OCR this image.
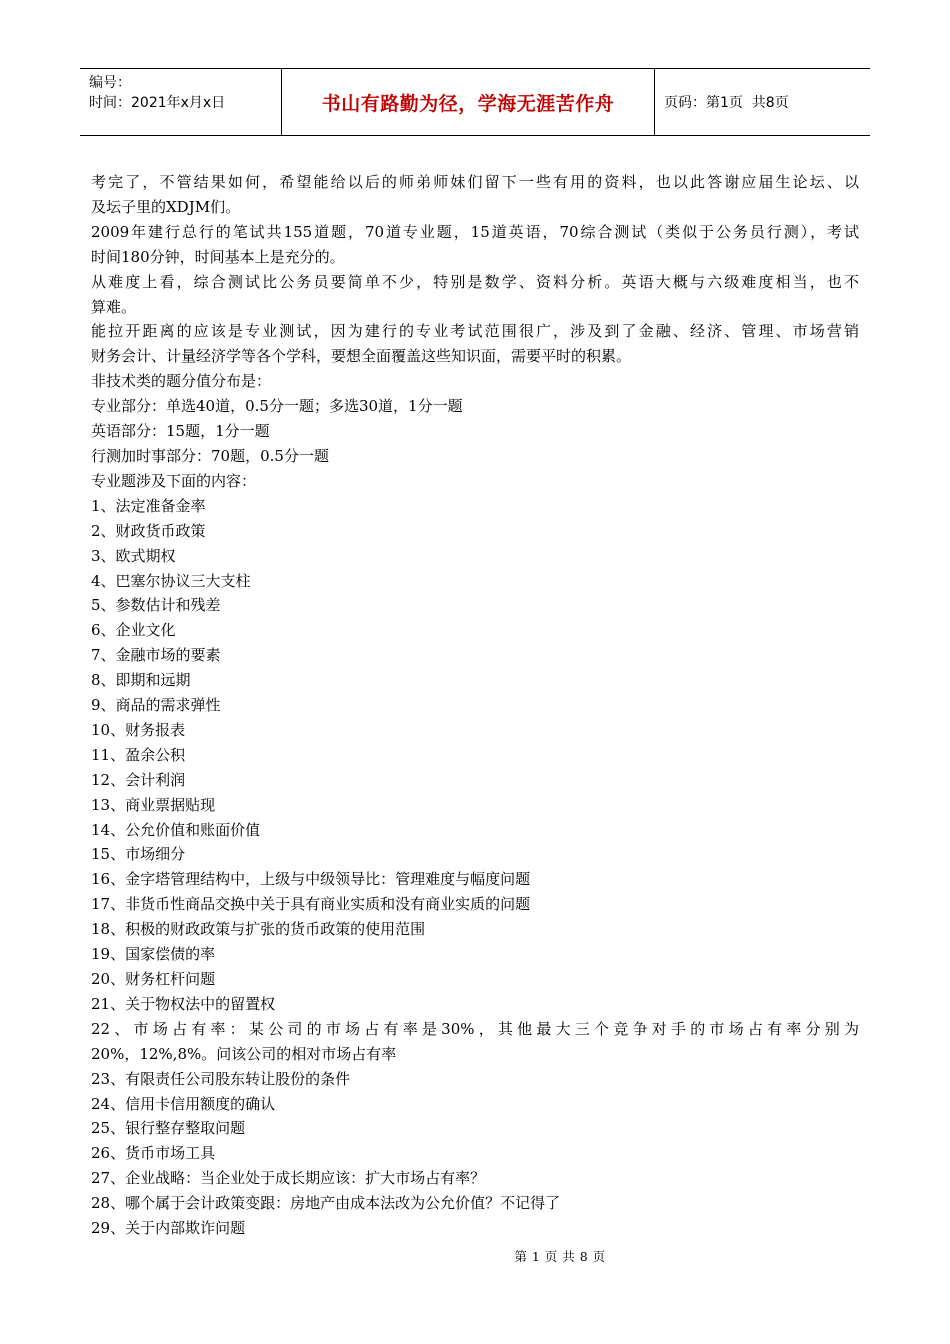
编号：
时间：2021年x月x日	书山有路勤为径，学海无涯苦作舟	页码：第1页  共8页
考完了，不管结果如何，希望能给以后的师弟师妹们留下一些有用的资料，也以此答谢应届生论坛、以
及坛子里的XDJM们。
2009年建行总行的笔试共155道题，70道专业题，15道英语，70综合测试（类似于公务员行测），考试
时间180分钟，时间基本上是充分的。
从难度上看，综合测试比公务员要简单不少，特别是数学、资料分析。英语大概与六级难度相当，也不
算难。
能拉开距离的应该是专业测试，因为建行的专业考试范围很广，涉及到了金融、经济、管理、市场营销
财务会计、计量经济学等各个学科，要想全面覆盖这些知识面，需要平时的积累。
非技术类的题分值分布是：
专业部分：单选40道，0.5分一题；多选30道，1分一题
英语部分：15题，1分一题
行测加时事部分：70题，0.5分一题
专业题涉及下面的内容：
1、法定准备金率
2、财政货币政策
3、欧式期权
4、巴塞尔协议三大支柱
5、参数估计和残差
6、企业文化
7、金融市场的要素
8、即期和远期
9、商品的需求弹性
10、财务报表
11、盈余公积
12、会计利润
13、商业票据贴现
14、公允价值和账面价值
15、市场细分
16、金字塔管理结构中，上级与中级领导比：管理难度与幅度问题
17、非货币性商品交换中关于具有商业实质和没有商业实质的问题
18、积极的财政政策与扩张的货币政策的使用范围
19、国家偿债的率
20、财务杠杆问题
21、关于物权法中的留置权
22、市场占有率：某公司的市场占有率是30%，其他最大三个竞争对手的市场占有率分别为
20%，12%,8%。问该公司的相对市场占有率
23、有限责任公司股东转让股份的条件
24、信用卡信用额度的确认
25、银行整存整取问题
26、货币市场工具
27、企业战略：当企业处于成长期应该：扩大市场占有率？
28、哪个属于会计政策变跟：房地产由成本法改为公允价值？不记得了
29、关于内部欺诈问题
第 1 页 共 8 页
